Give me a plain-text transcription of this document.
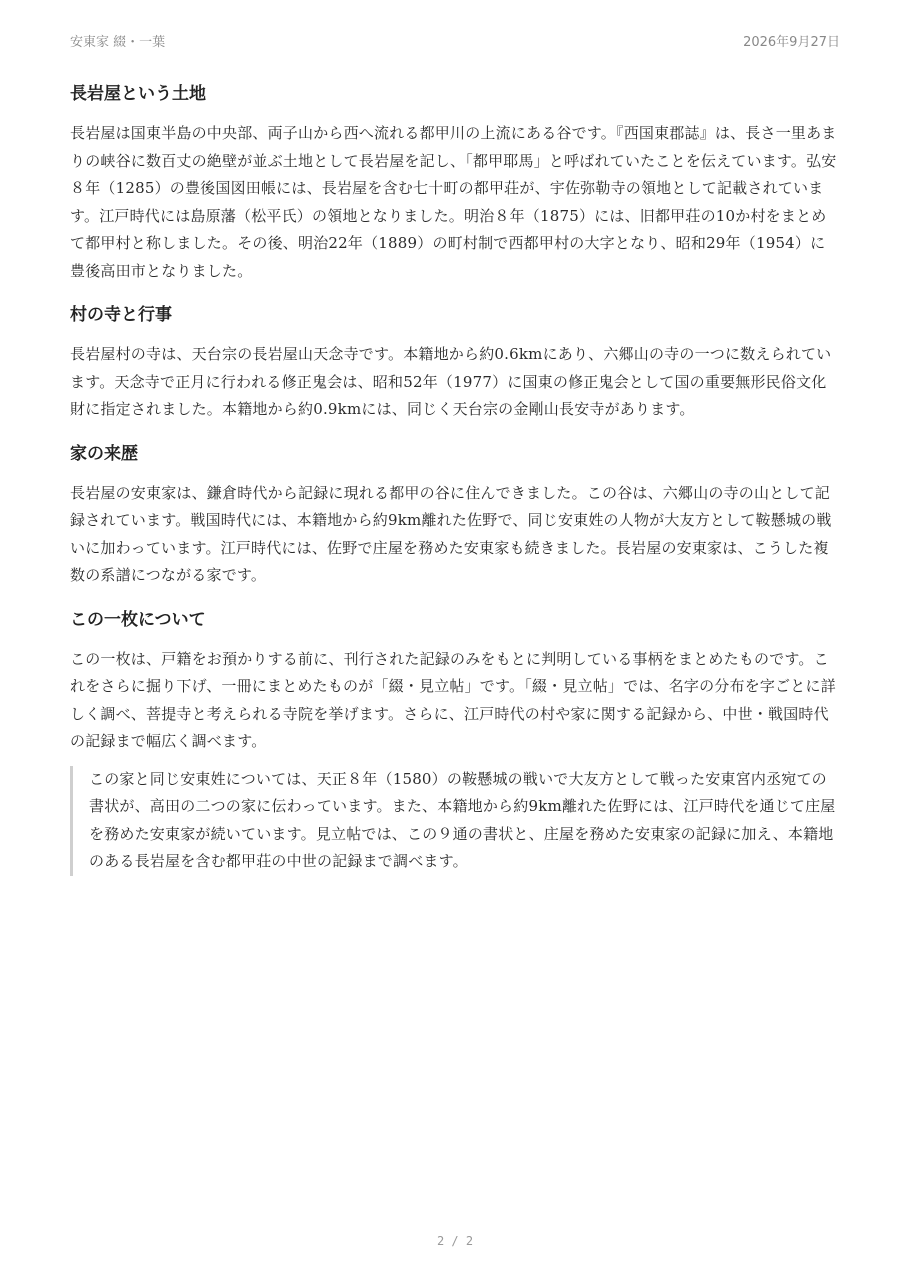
安東家 綴・一葉	2026年9月27日
長岩屋という土地

長岩屋は国東半島の中央部、両子山から西へ流れる都甲川の上流にある谷です。『西国東郡誌』は、長さ一里あまりの峡谷に数百丈の絶壁が並ぶ土地として長岩屋を記し、「都甲耶馬」と呼ばれていたことを伝えています。弘安８年（1285）の豊後国図田帳には、長岩屋を含む七十町の都甲荘が、宇佐弥勒寺の領地として記載されています。江戸時代には島原藩（松平氏）の領地となりました。明治８年（1875）には、旧都甲荘の10か村をまとめて都甲村と称しました。その後、明治22年（1889）の町村制で西都甲村の大字となり、昭和29年（1954）に豊後高田市となりました。

村の寺と行事

長岩屋村の寺は、天台宗の長岩屋山天念寺です。本籍地から約0.6kmにあり、六郷山の寺の一つに数えられています。天念寺で正月に行われる修正鬼会は、昭和52年（1977）に国東の修正鬼会として国の重要無形民俗文化財に指定されました。本籍地から約0.9kmには、同じく天台宗の金剛山長安寺があります。

家の来歴

長岩屋の安東家は、鎌倉時代から記録に現れる都甲の谷に住んできました。この谷は、六郷山の寺の山として記録されています。戦国時代には、本籍地から約9km離れた佐野で、同じ安東姓の人物が大友方として鞍懸城の戦いに加わっています。江戸時代には、佐野で庄屋を務めた安東家も続きました。長岩屋の安東家は、こうした複数の系譜につながる家です。

この一枚について

この一枚は、戸籍をお預かりする前に、刊行された記録のみをもとに判明している事柄をまとめたものです。これをさらに掘り下げ、一冊にまとめたものが「綴・見立帖」です。「綴・見立帖」では、名字の分布を字ごとに詳しく調べ、菩提寺と考えられる寺院を挙げます。さらに、江戸時代の村や家に関する記録から、中世・戦国時代の記録まで幅広く調べます。

この家と同じ安東姓については、天正８年（1580）の鞍懸城の戦いで大友方として戦った安東宮内丞宛ての書状が、高田の二つの家に伝わっています。また、本籍地から約9km離れた佐野には、江戸時代を通じて庄屋を務めた安東家が続いています。見立帖では、この９通の書状と、庄屋を務めた安東家の記録に加え、本籍地のある長岩屋を含む都甲荘の中世の記録まで調べます。
2 / 2
